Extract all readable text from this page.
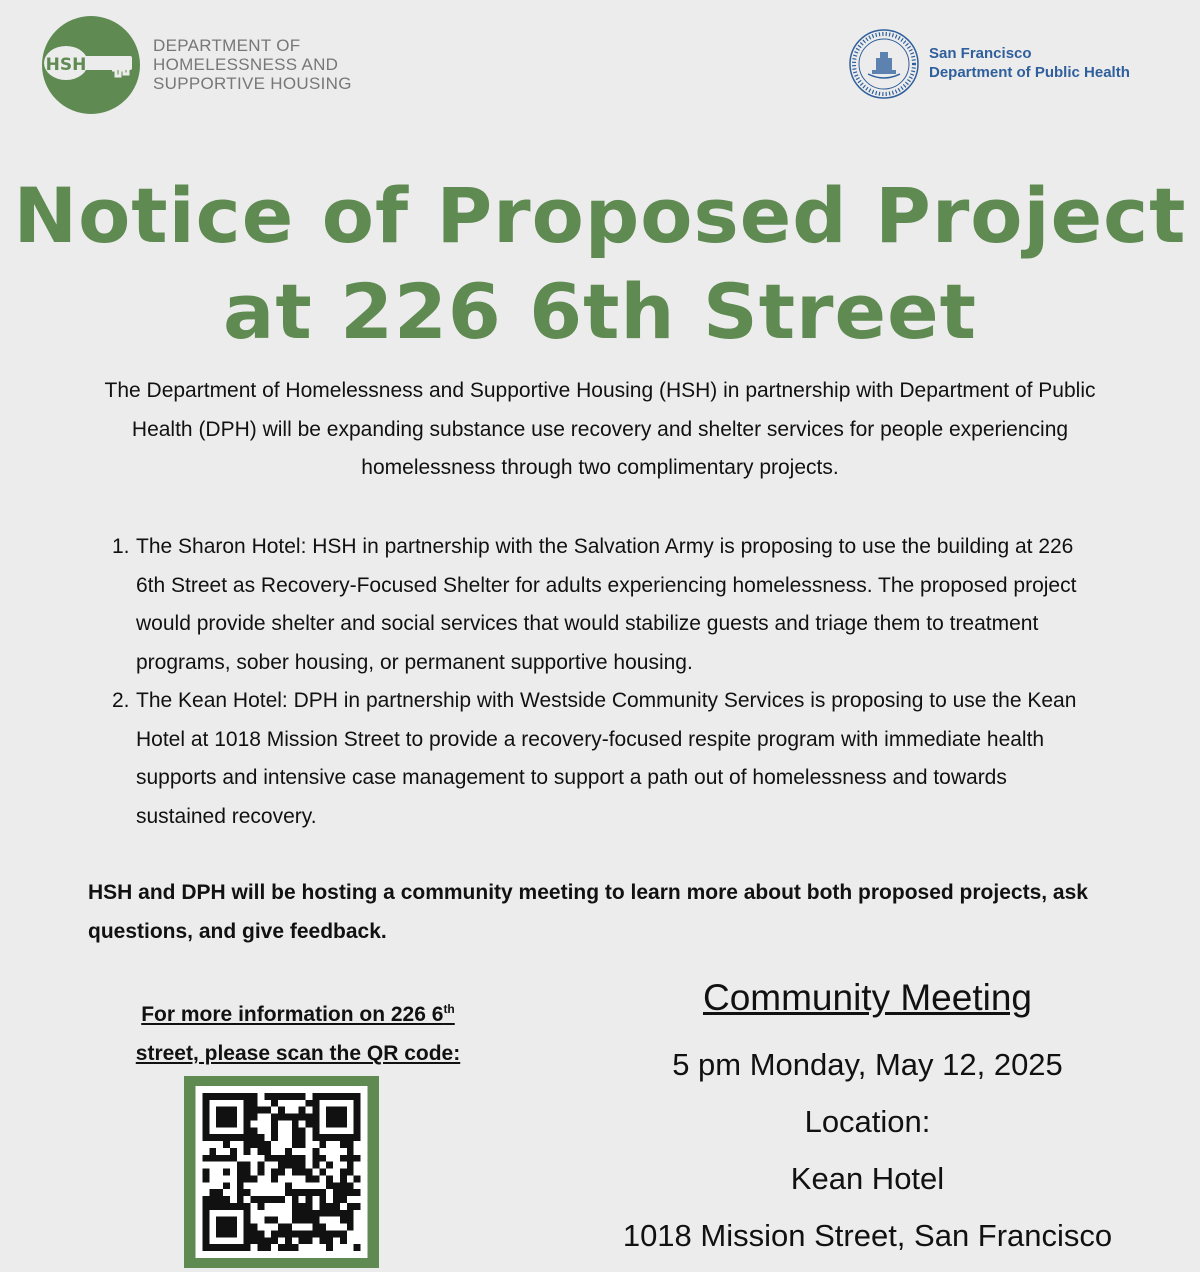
HSH
DEPARTMENT OF
HOMELESSNESS AND
SUPPORTIVE HOUSING
San Francisco
Department of Public Health
Notice of Proposed Project
at 226 6th Street

The Department of Homelessness and Supportive Housing (HSH) in partnership with Department of Public Health (DPH) will be expanding substance use recovery and shelter services for people experiencing homelessness through two complimentary projects.

1. The Sharon Hotel: HSH in partnership with the Salvation Army is proposing to use the building at 226 6th Street as Recovery-Focused Shelter for adults experiencing homelessness. The proposed project would provide shelter and social services that would stabilize guests and triage them to treatment programs, sober housing, or permanent supportive housing.
2. The Kean Hotel: DPH in partnership with Westside Community Services is proposing to use the Kean Hotel at 1018 Mission Street to provide a recovery-focused respite program with immediate health supports and intensive case management to support a path out of homelessness and towards sustained recovery.

HSH and DPH will be hosting a community meeting to learn more about both proposed projects, ask questions, and give feedback.

For more information on 226 6th
street, please scan the QR code:
Community Meeting
5 pm Monday, May 12, 2025
Location:
Kean Hotel
1018 Mission Street, San Francisco
